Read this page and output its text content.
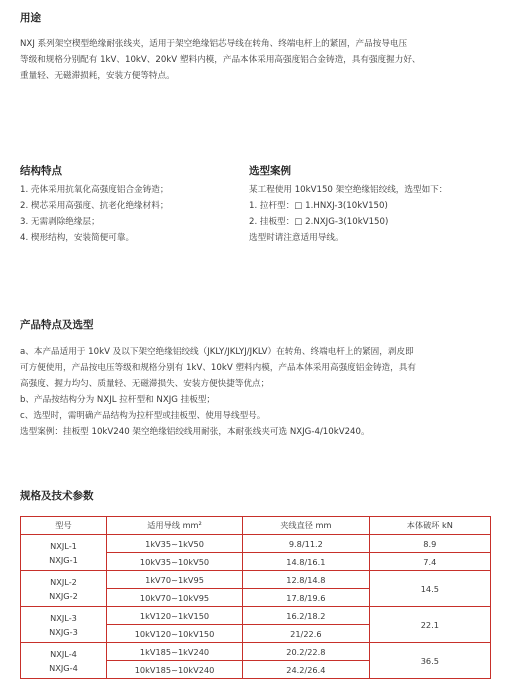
用途
NXJ 系列架空楔型绝缘耐张线夹，适用于架空绝缘铝芯导线在转角、终端电杆上的紧固，产品按导电压
等级和规格分别配有 1kV、10kV、20kV 塑料内模，产品本体采用高强度铝合金铸造，具有强度握力好、
重量轻、无磁滞损耗，安装方便等特点。
结构特点
1. 壳体采用抗氧化高强度铝合金铸造；
2. 楔芯采用高强度、抗老化绝缘材料；
3. 无需剥除绝缘层；
4. 楔形结构，安装简便可靠。
选型案例
某工程使用 10kV150 架空绝缘铝绞线，选型如下：
1. 拉杆型：□ 1.HNXJ-3(10kV150)
2. 挂板型：□ 2.NXJG-3(10kV150)
选型时请注意适用导线。
产品特点及选型
a、本产品适用于 10kV 及以下架空绝缘铝绞线（JKLY/JKLYJ/JKLV）在转角、终端电杆上的紧固，剥皮即
可方便使用，产品按电压等级和规格分别有 1kV、10kV 塑料内模，产品本体采用高强度铝金铸造，具有
高强度、握力均匀、质量轻、无磁滞损失、安装方便快捷等优点；
b、产品按结构分为 NXJL 拉杆型和 NXJG 挂板型；
c、选型时，需明确产品结构为拉杆型或挂板型、使用导线型号。
选型案例：挂板型 10kV240 架空绝缘铝绞线用耐张，本耐张线夹可选 NXJG-4/10kV240。
规格及技术参数
型号	适用导线 mm²	夹线直径 mm	本体破坏 kN

NXJL-1
NXJG-1	1kV35~1kV50	9.8/11.2	8.9
	10kV35~10kV50	14.8/16.1	7.4

NXJL-2
NXJG-2	1kV70~1kV95	12.8/14.8	14.5
	10kV70~10kV95	17.8/19.6	

NXJL-3
NXJG-3	1kV120~1kV150	16.2/18.2	22.1
	10kV120~10kV150	21/22.6	

NXJL-4
NXJG-4	1kV185~1kV240	20.2/22.8	36.5
	10kV185~10kV240	24.2/26.4	
